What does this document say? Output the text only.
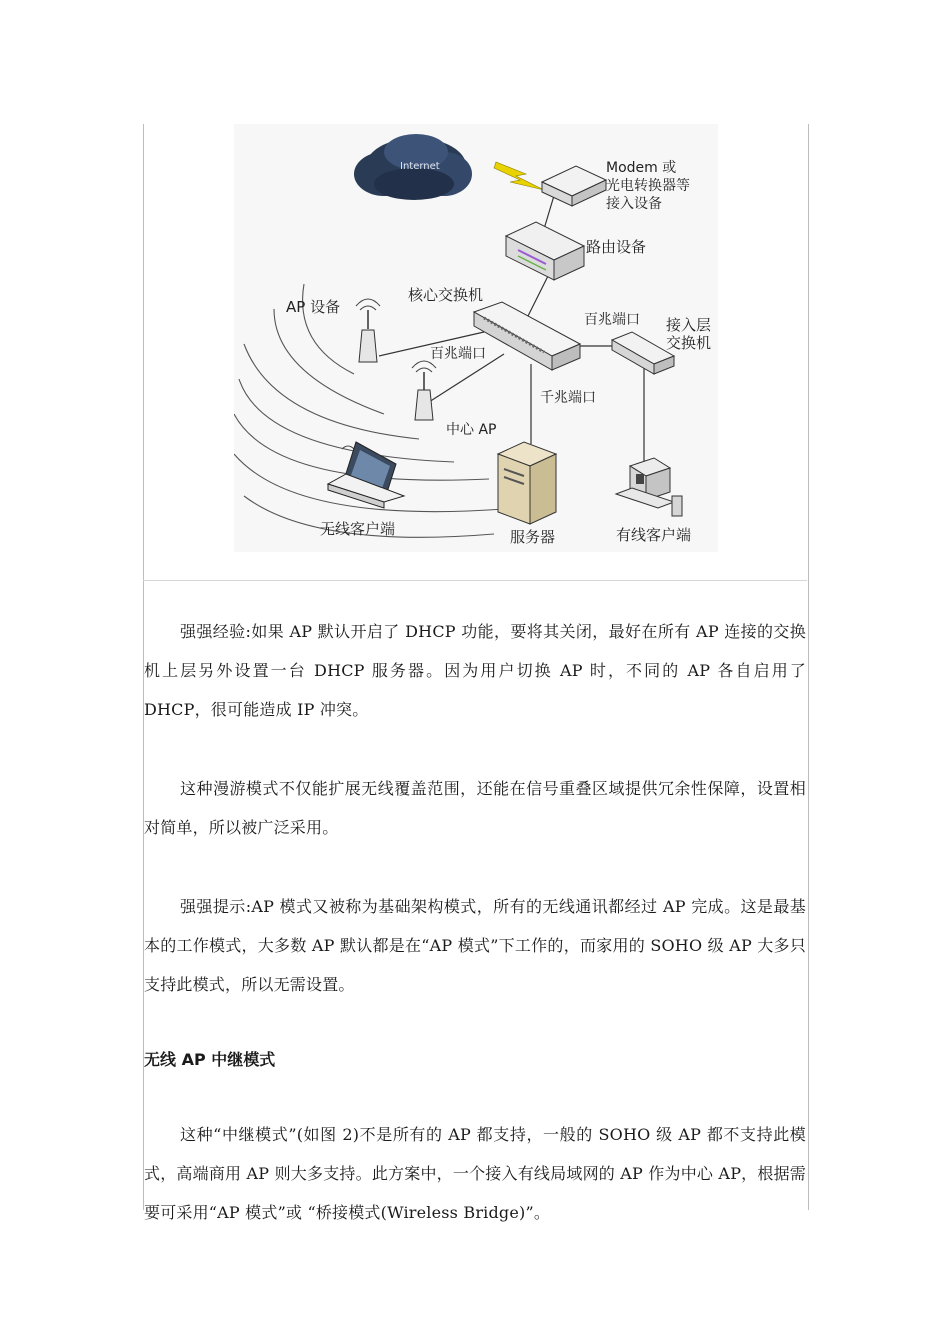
Internet	Modem 或
光电转换器等
接入设备
路由设备
核心交换机
百兆端口
百兆端口 接入层
交换机
AP 设备
中心 AP
千兆端口
无线客户端	服务器	有线客户端

强强经验:如果 AP 默认开启了 DHCP 功能，要将其关闭，最好在所有 AP 连接的交换机上层另外设置一台 DHCP 服务器。因为用户切换 AP 时，不同的 AP 各自启用了 DHCP，很可能造成 IP 冲突。

这种漫游模式不仅能扩展无线覆盖范围，还能在信号重叠区域提供冗余性保障，设置相对简单，所以被广泛采用。

强强提示:AP 模式又被称为基础架构模式，所有的无线通讯都经过 AP 完成。这是最基本的工作模式，大多数 AP 默认都是在“AP 模式”下工作的，而家用的 SOHO 级 AP 大多只支持此模式，所以无需设置。

无线 AP 中继模式

这种“中继模式”(如图 2)不是所有的 AP 都支持，一般的 SOHO 级 AP 都不支持此模式，高端商用 AP 则大多支持。此方案中，一个接入有线局域网的 AP 作为中心 AP，根据需要可采用“AP 模式”或 “桥接模式(Wireless Bridge)”。
